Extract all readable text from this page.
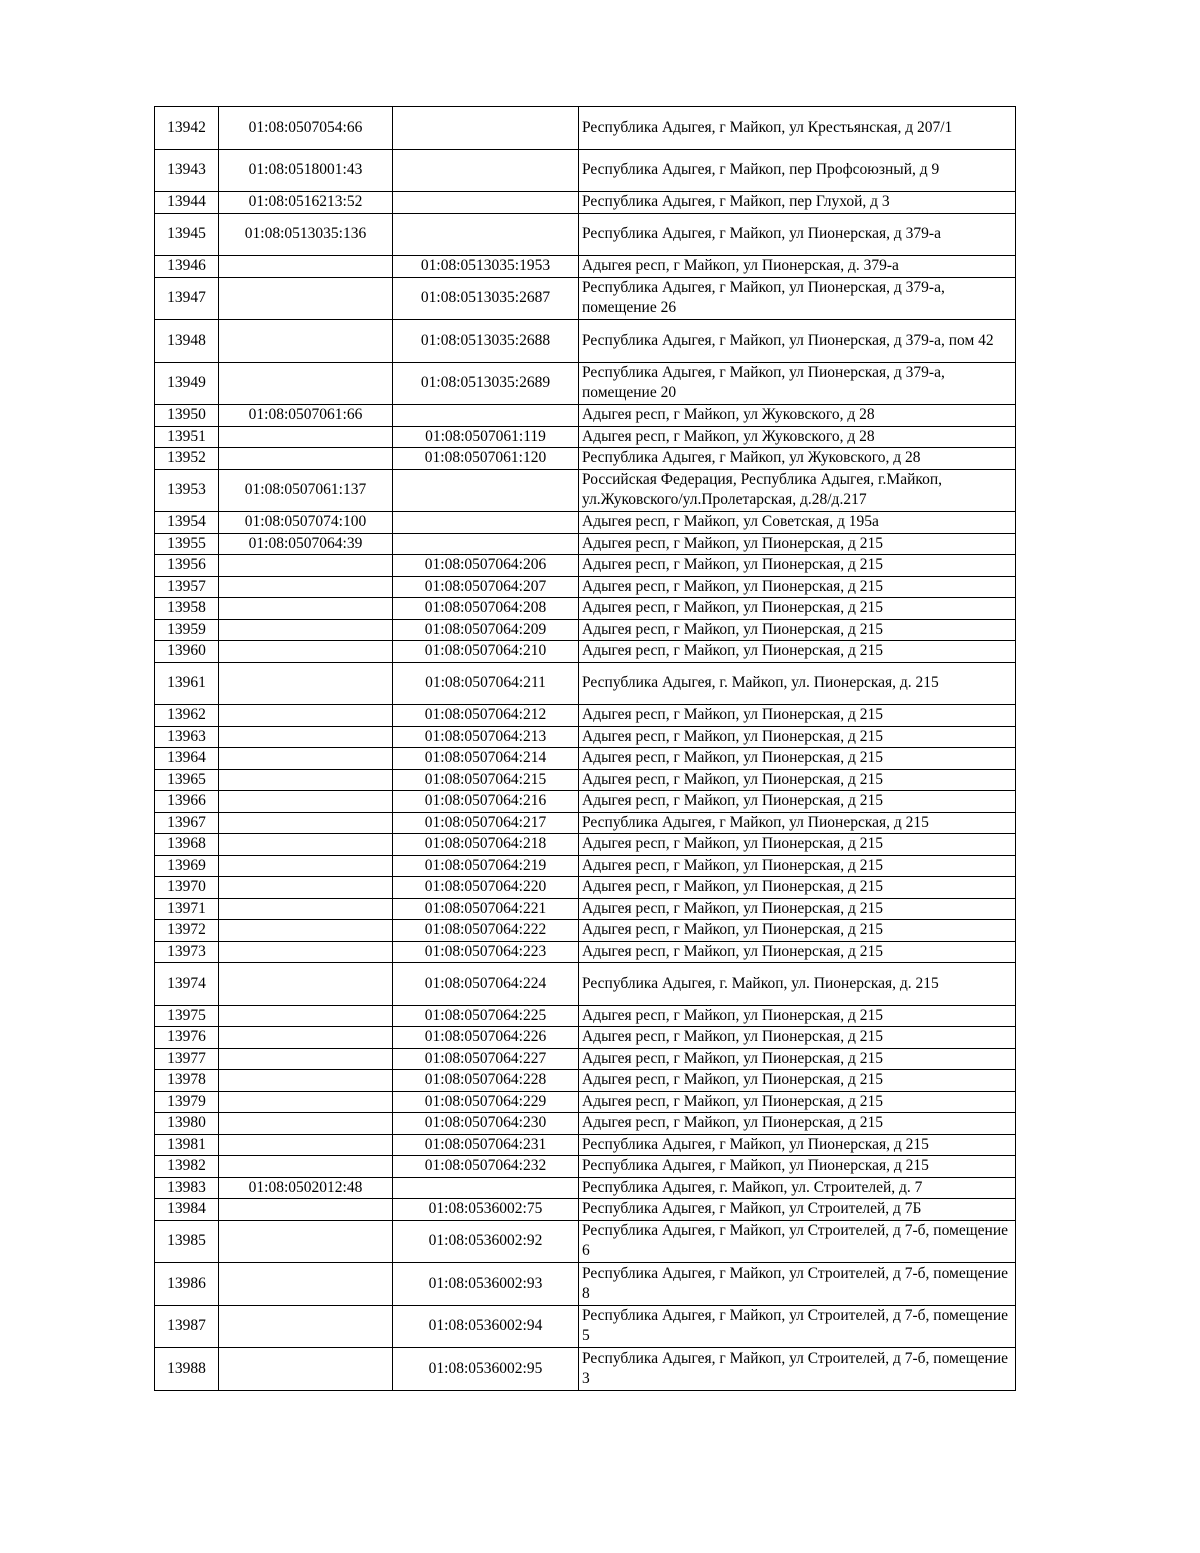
13942	01:08:0507054:66		Республика Адыгея, г Майкоп, ул Крестьянская, д 207/1
13943	01:08:0518001:43		Республика Адыгея, г Майкоп, пер Профсоюзный, д 9
13944	01:08:0516213:52		Республика Адыгея, г Майкоп, пер Глухой, д 3
13945	01:08:0513035:136		Республика Адыгея, г Майкоп, ул Пионерская, д 379-а
13946		01:08:0513035:1953	Адыгея респ, г Майкоп, ул Пионерская, д. 379-а
13947		01:08:0513035:2687	Республика Адыгея, г Майкоп, ул Пионерская, д 379-а, помещение 26
13948		01:08:0513035:2688	Республика Адыгея, г Майкоп, ул Пионерская, д 379-а, пом 42
13949		01:08:0513035:2689	Республика Адыгея, г Майкоп, ул Пионерская, д 379-а, помещение 20
13950	01:08:0507061:66		Адыгея респ, г Майкоп, ул Жуковского, д 28
13951		01:08:0507061:119	Адыгея респ, г Майкоп, ул Жуковского, д 28
13952		01:08:0507061:120	Республика Адыгея, г Майкоп, ул Жуковского, д 28
13953	01:08:0507061:137		Российская Федерация, Республика Адыгея, г.Майкоп, ул.Жуковского/ул.Пролетарская, д.28/д.217
13954	01:08:0507074:100		Адыгея респ, г Майкоп, ул Советская, д 195а
13955	01:08:0507064:39		Адыгея респ, г Майкоп, ул Пионерская, д 215
13956		01:08:0507064:206	Адыгея респ, г Майкоп, ул Пионерская, д 215
13957		01:08:0507064:207	Адыгея респ, г Майкоп, ул Пионерская, д 215
13958		01:08:0507064:208	Адыгея респ, г Майкоп, ул Пионерская, д 215
13959		01:08:0507064:209	Адыгея респ, г Майкоп, ул Пионерская, д 215
13960		01:08:0507064:210	Адыгея респ, г Майкоп, ул Пионерская, д 215
13961		01:08:0507064:211	Республика Адыгея, г. Майкоп, ул. Пионерская, д. 215
13962		01:08:0507064:212	Адыгея респ, г Майкоп, ул Пионерская, д 215
13963		01:08:0507064:213	Адыгея респ, г Майкоп, ул Пионерская, д 215
13964		01:08:0507064:214	Адыгея респ, г Майкоп, ул Пионерская, д 215
13965		01:08:0507064:215	Адыгея респ, г Майкоп, ул Пионерская, д 215
13966		01:08:0507064:216	Адыгея респ, г Майкоп, ул Пионерская, д 215
13967		01:08:0507064:217	Республика Адыгея, г Майкоп, ул Пионерская, д 215
13968		01:08:0507064:218	Адыгея респ, г Майкоп, ул Пионерская, д 215
13969		01:08:0507064:219	Адыгея респ, г Майкоп, ул Пионерская, д 215
13970		01:08:0507064:220	Адыгея респ, г Майкоп, ул Пионерская, д 215
13971		01:08:0507064:221	Адыгея респ, г Майкоп, ул Пионерская, д 215
13972		01:08:0507064:222	Адыгея респ, г Майкоп, ул Пионерская, д 215
13973		01:08:0507064:223	Адыгея респ, г Майкоп, ул Пионерская, д 215
13974		01:08:0507064:224	Республика Адыгея, г. Майкоп, ул. Пионерская, д. 215
13975		01:08:0507064:225	Адыгея респ, г Майкоп, ул Пионерская, д 215
13976		01:08:0507064:226	Адыгея респ, г Майкоп, ул Пионерская, д 215
13977		01:08:0507064:227	Адыгея респ, г Майкоп, ул Пионерская, д 215
13978		01:08:0507064:228	Адыгея респ, г Майкоп, ул Пионерская, д 215
13979		01:08:0507064:229	Адыгея респ, г Майкоп, ул Пионерская, д 215
13980		01:08:0507064:230	Адыгея респ, г Майкоп, ул Пионерская, д 215
13981		01:08:0507064:231	Республика Адыгея, г Майкоп, ул Пионерская, д 215
13982		01:08:0507064:232	Республика Адыгея, г Майкоп, ул Пионерская, д 215
13983	01:08:0502012:48		Республика Адыгея, г. Майкоп, ул. Строителей, д. 7
13984		01:08:0536002:75	Республика Адыгея, г Майкоп, ул Строителей, д 7Б
13985		01:08:0536002:92	Республика Адыгея, г Майкоп, ул Строителей, д 7-б, помещение 6
13986		01:08:0536002:93	Республика Адыгея, г Майкоп, ул Строителей, д 7-б, помещение 8
13987		01:08:0536002:94	Республика Адыгея, г Майкоп, ул Строителей, д 7-б, помещение 5
13988		01:08:0536002:95	Республика Адыгея, г Майкоп, ул Строителей, д 7-б, помещение 3
